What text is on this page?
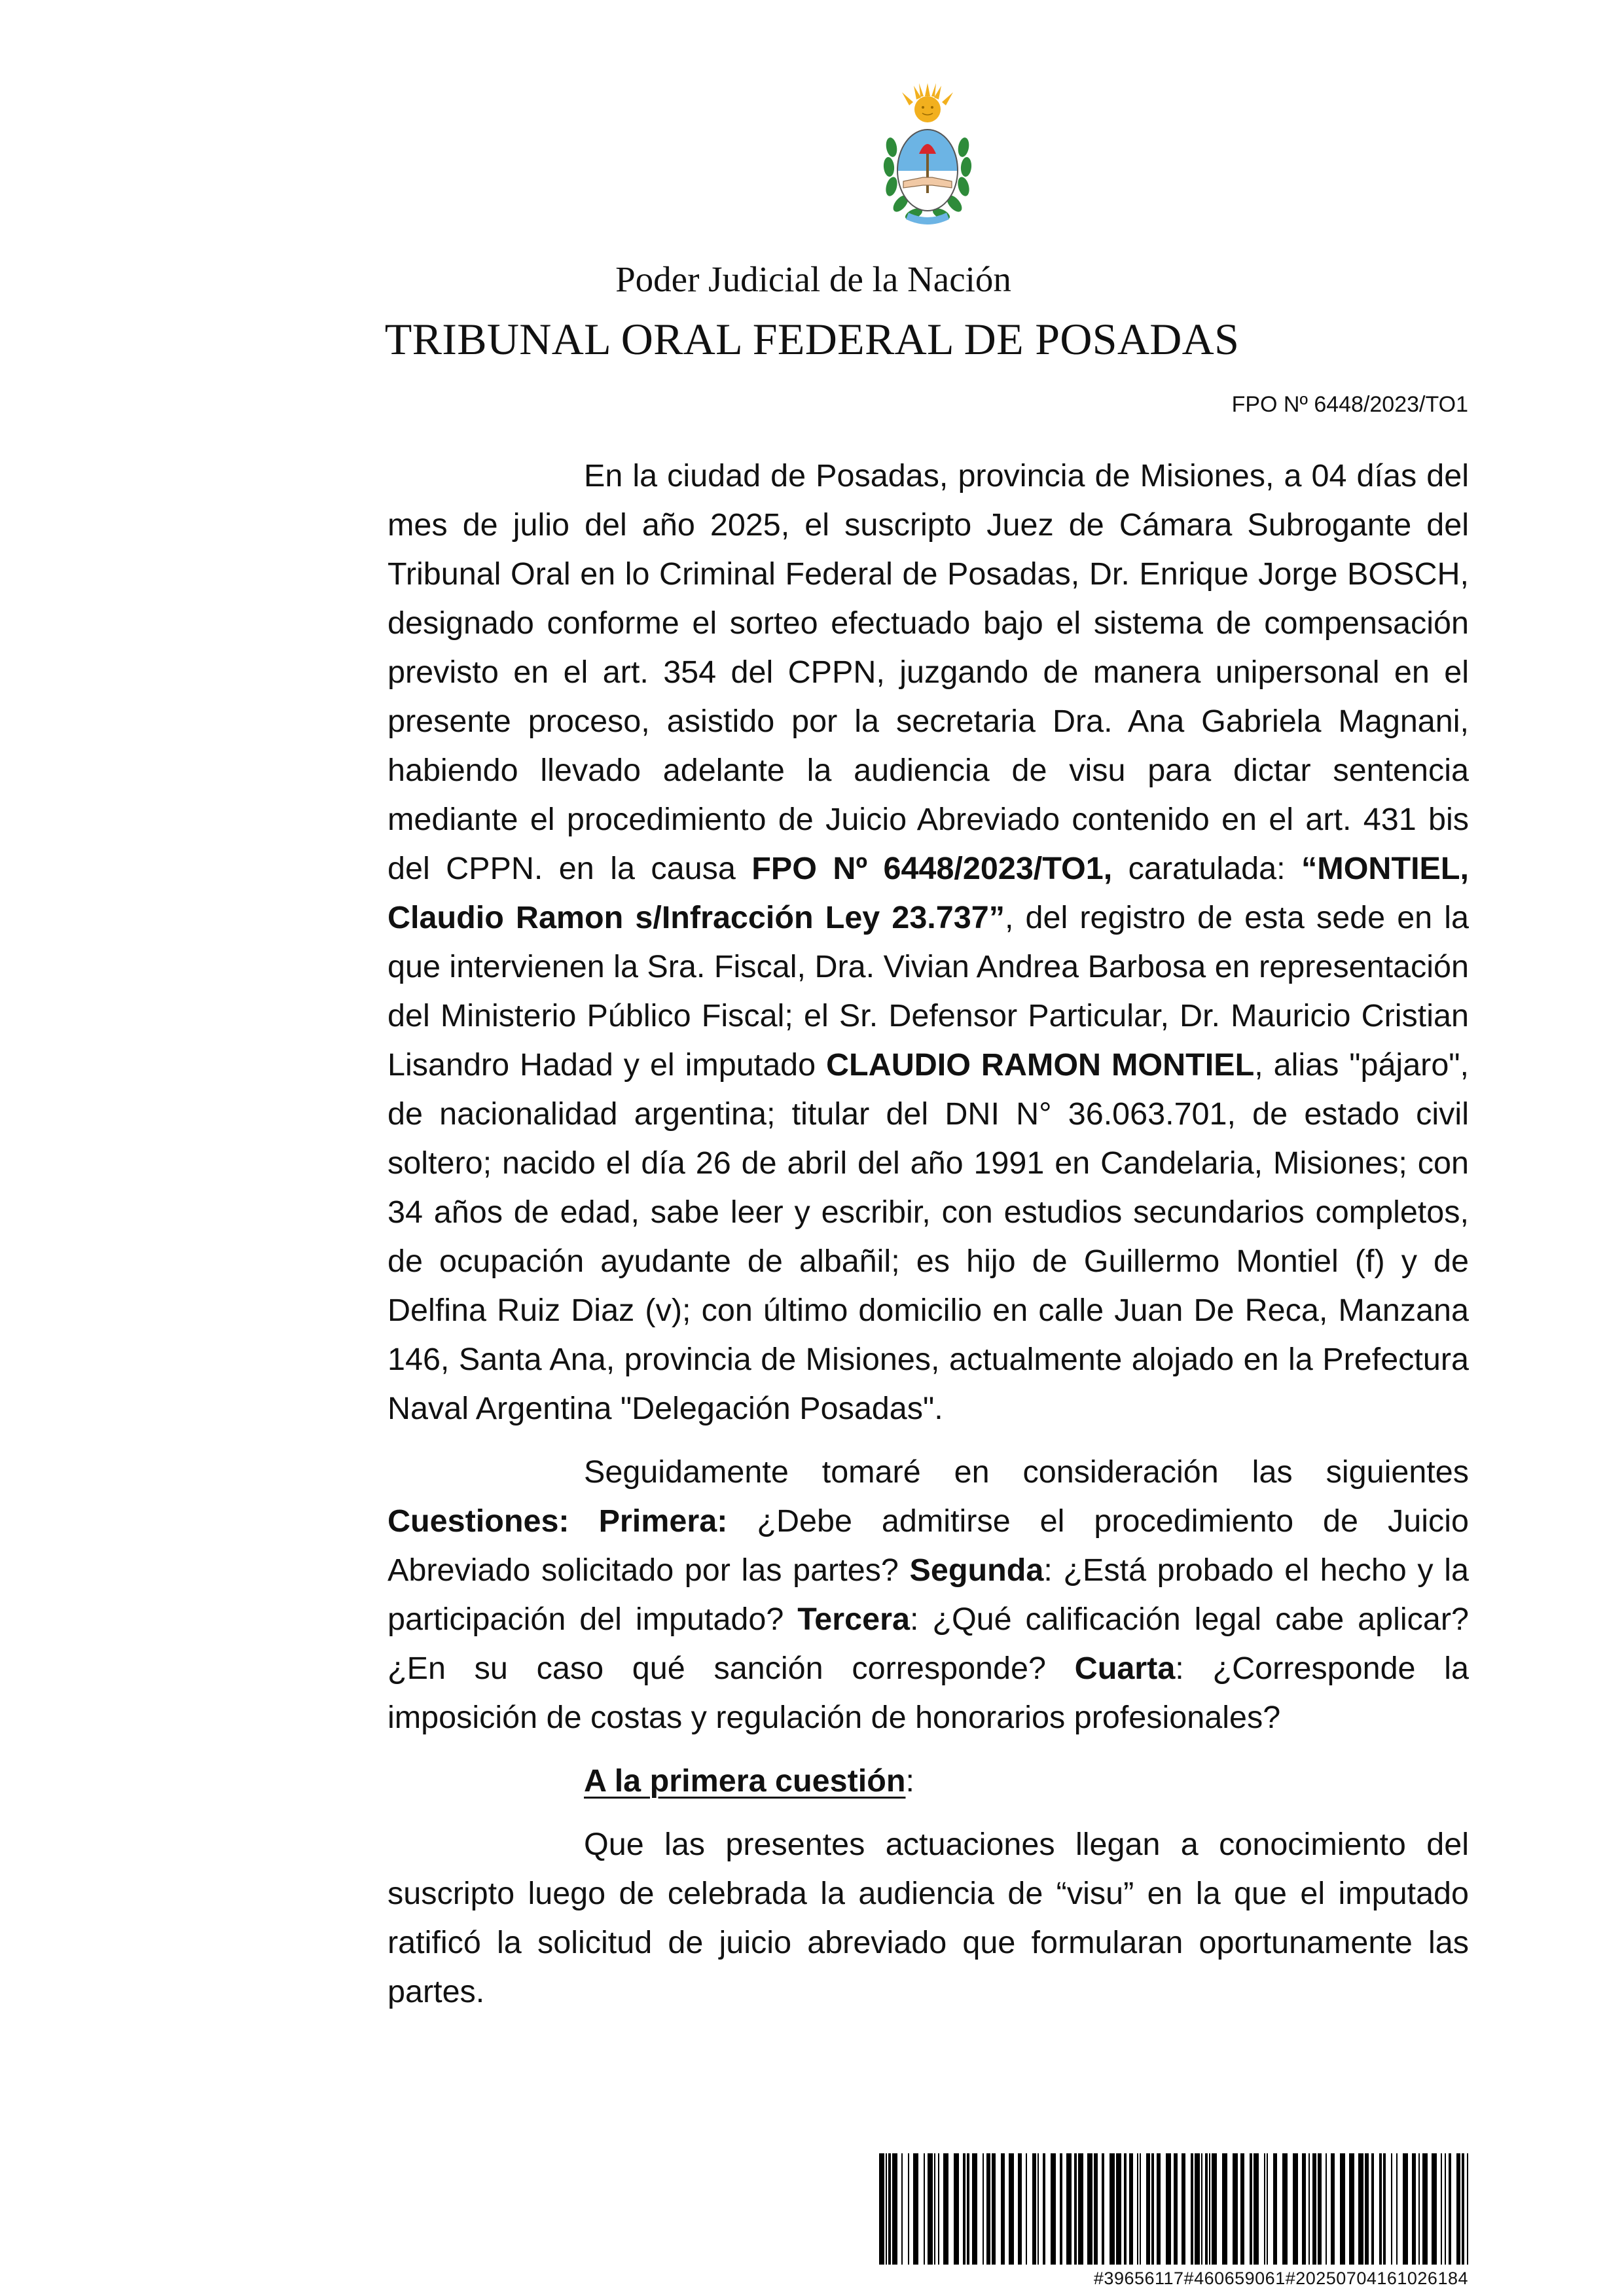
Poder Judicial de la Nación
TRIBUNAL ORAL FEDERAL DE POSADAS
FPO Nº 6448/2023/TO1

En la ciudad de Posadas, provincia de Misiones, a 04 días del mes de julio del año 2025, el suscripto Juez de Cámara Subrogante del Tribunal Oral en lo Criminal Federal de Posadas, Dr. Enrique Jorge BOSCH, designado conforme el sorteo efectuado bajo el sistema de compensación previsto en el art. 354 del CPPN, juzgando de manera unipersonal en el presente proceso, asistido por la secretaria Dra. Ana Gabriela Magnani, habiendo llevado adelante la audiencia de visu para dictar sentencia mediante el procedimiento de Juicio Abreviado contenido en el art. 431 bis del CPPN. en la causa FPO Nº 6448/2023/TO1, caratulada: “MONTIEL, Claudio Ramon s/Infracción Ley 23.737”, del registro de esta sede en la que intervienen la Sra. Fiscal, Dra. Vivian Andrea Barbosa en representación del Ministerio Público Fiscal; el Sr. Defensor Particular, Dr. Mauricio Cristian Lisandro Hadad y el imputado CLAUDIO RAMON MONTIEL, alias "pájaro", de nacionalidad argentina; titular del DNI N° 36.063.701, de estado civil soltero; nacido el día 26 de abril del año 1991 en Candelaria, Misiones; con 34 años de edad, sabe leer y escribir, con estudios secundarios completos, de ocupación ayudante de albañil; es hijo de Guillermo Montiel (f) y de Delfina Ruiz Diaz (v); con último domicilio en calle Juan De Reca, Manzana 146, Santa Ana, provincia de Misiones, actualmente alojado en la Prefectura Naval Argentina "Delegación Posadas".

Seguidamente tomaré en consideración las siguientes Cuestiones: Primera: ¿Debe admitirse el procedimiento de Juicio Abreviado solicitado por las partes? Segunda: ¿Está probado el hecho y la participación del imputado? Tercera: ¿Qué calificación legal cabe aplicar? ¿En su caso qué sanción corresponde? Cuarta: ¿Corresponde la imposición de costas y regulación de honorarios profesionales?

A la primera cuestión:

Que las presentes actuaciones llegan a conocimiento del suscripto luego de celebrada la audiencia de “visu” en la que el imputado ratificó la solicitud de juicio abreviado que formularan oportunamente las partes.

#39656117#460659061#20250704161026184
